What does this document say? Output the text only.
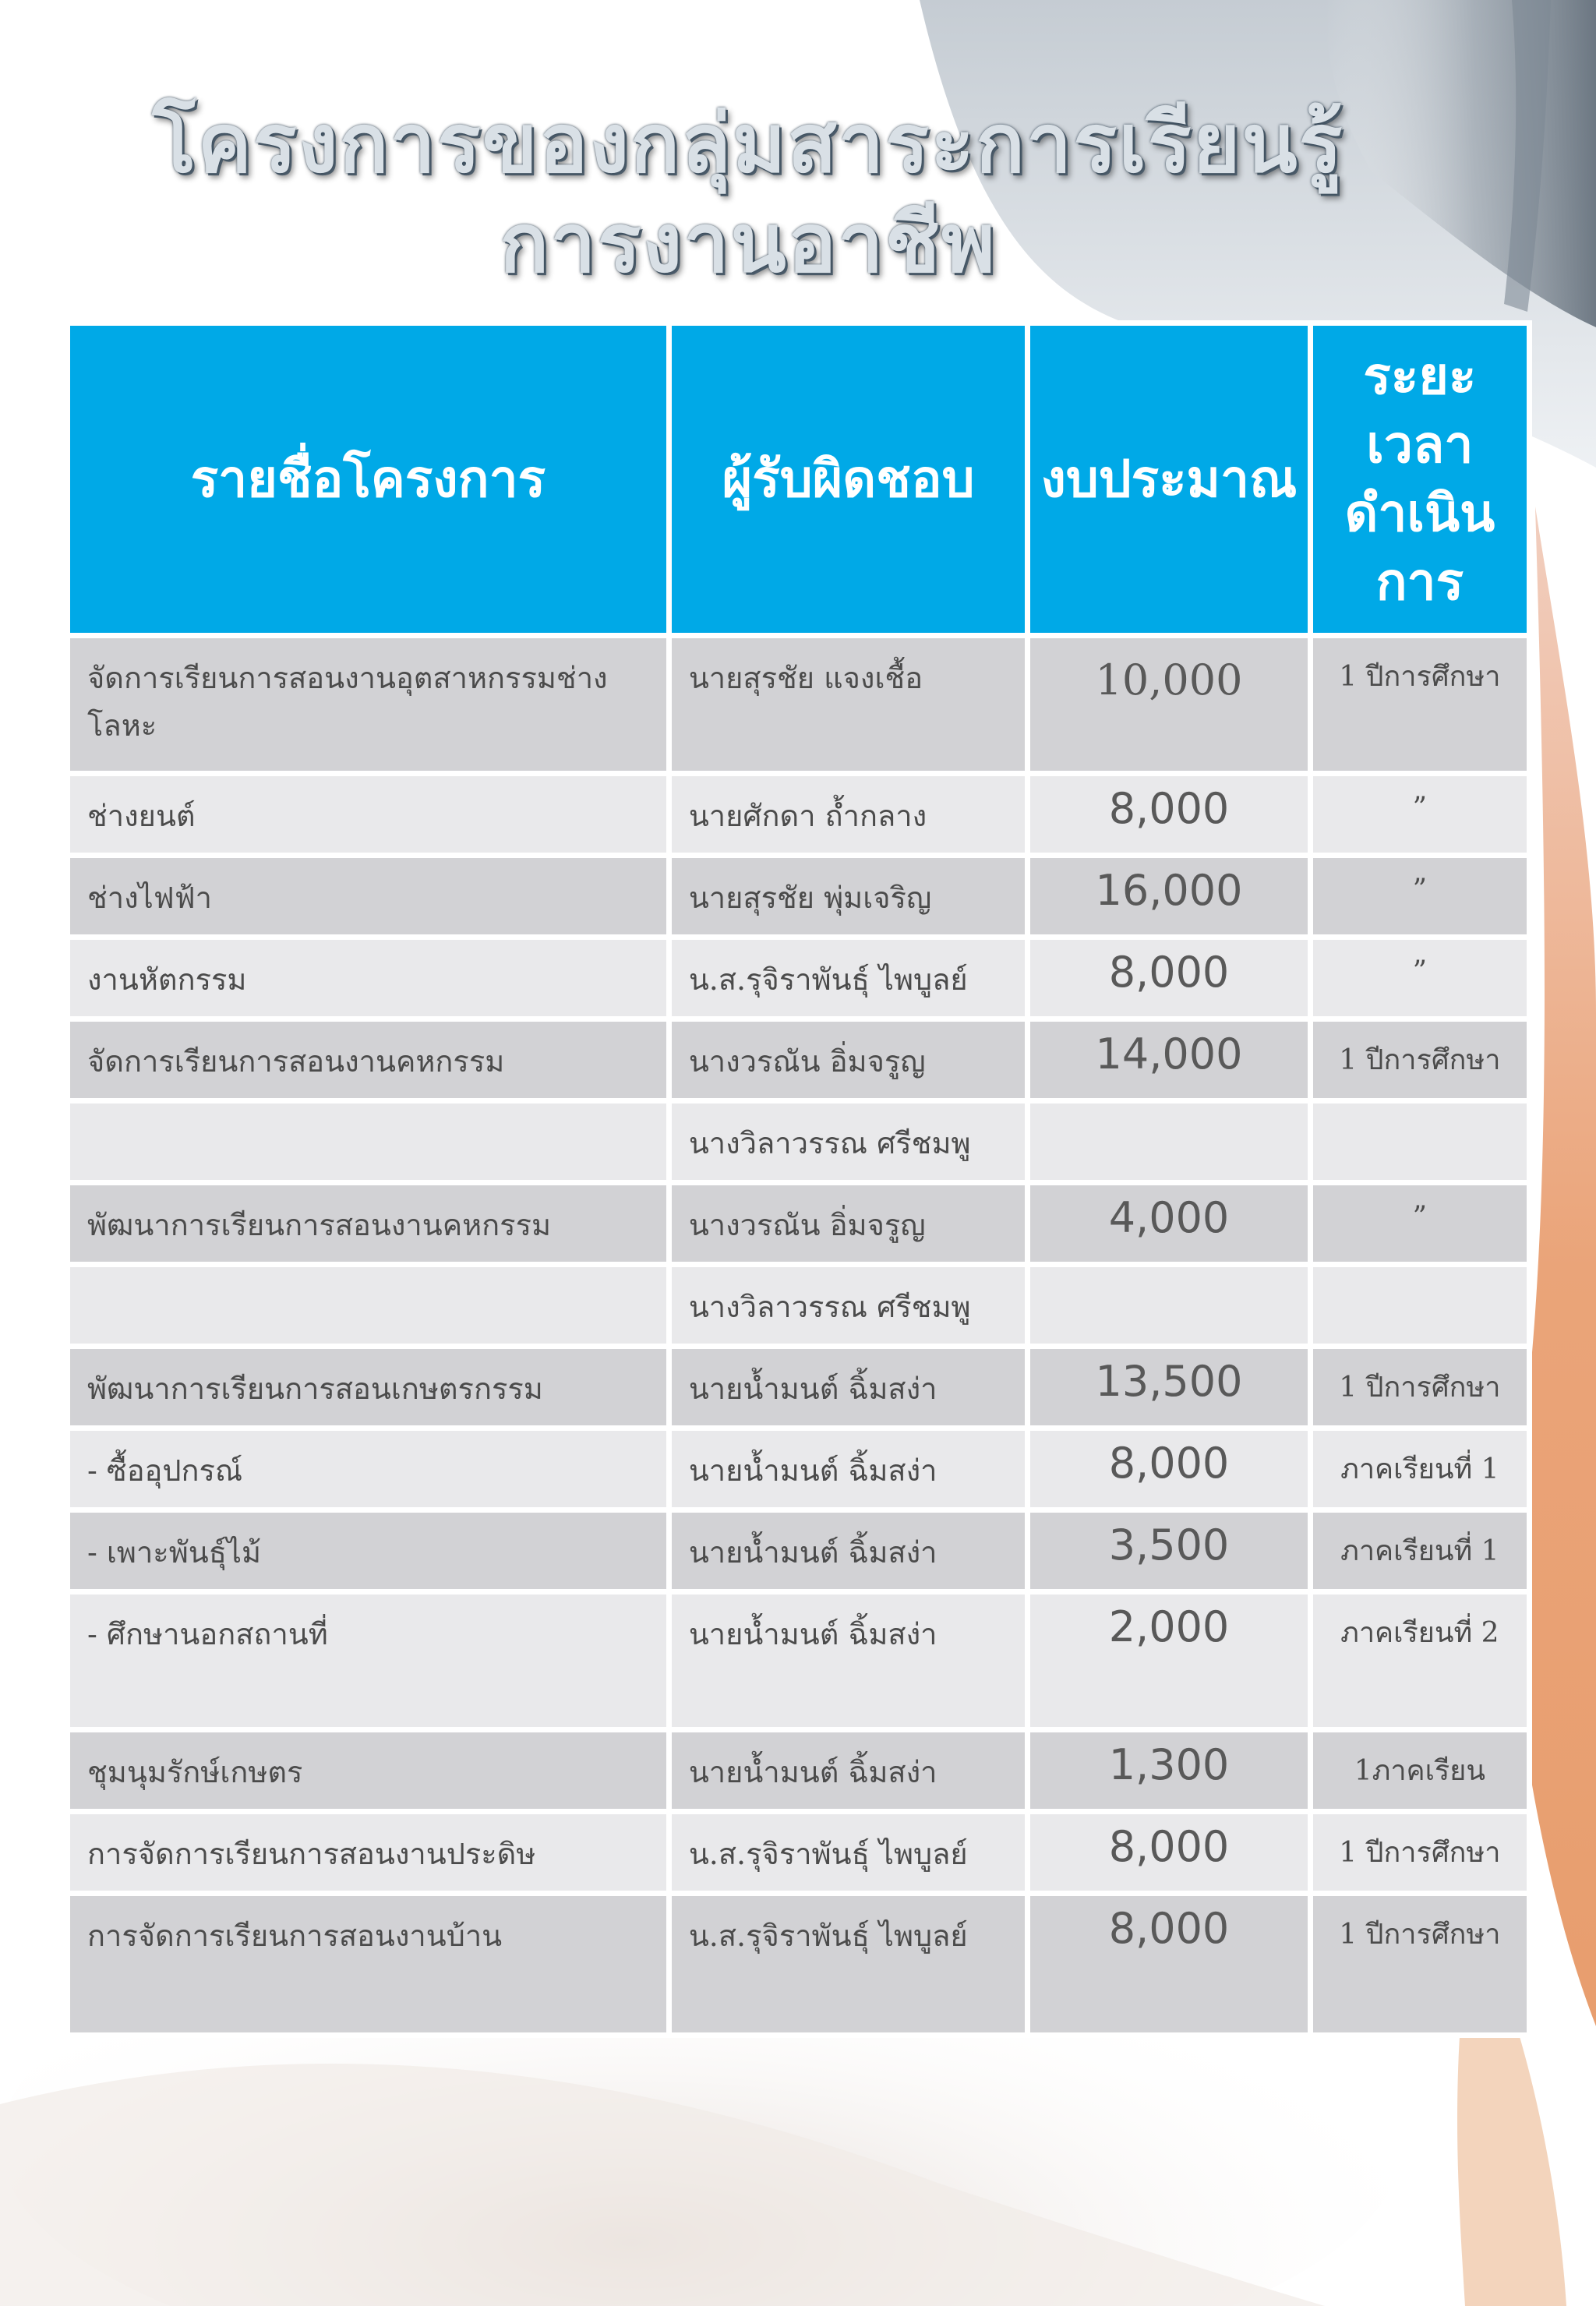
โครงการของกลุ่มสาระการเรียนรู้
การงานอาชีพ
รายชื่อโครงการ	ผู้รับผิดชอบ	งบประมาณ	ระยะเวลาดำเนินการ
จัดการเรียนการสอนงานอุตสาหกรรมช่างโลหะ	นายสุรชัย แจงเชื้อ	10,000	1 ปีการศึกษา
ช่างยนต์	นายศักดา ถ้ำกลาง	8,000	”
ช่างไฟฟ้า	นายสุรชัย พุ่มเจริญ	16,000	”
งานหัตกรรม	น.ส.รุจิราพันธุ์ ไพบูลย์	8,000	”
จัดการเรียนการสอนงานคหกรรม	นางวรณัน อิ่มจรูญ	14,000	1 ปีการศึกษา
	นางวิลาวรรณ ศรีชมพู		
พัฒนาการเรียนการสอนงานคหกรรม	นางวรณัน อิ่มจรูญ	4,000	”
	นางวิลาวรรณ ศรีชมพู		
พัฒนาการเรียนการสอนเกษตรกรรม	นายน้ำมนต์ ฉิ้มสง่า	13,500	1 ปีการศึกษา
- ซื้ออุปกรณ์	นายน้ำมนต์ ฉิ้มสง่า	8,000	ภาคเรียนที่ 1
- เพาะพันธุ์ไม้	นายน้ำมนต์ ฉิ้มสง่า	3,500	ภาคเรียนที่ 1
- ศึกษานอกสถานที่	นายน้ำมนต์ ฉิ้มสง่า	2,000	ภาคเรียนที่ 2
ชุมนุมรักษ์เกษตร	นายน้ำมนต์ ฉิ้มสง่า	1,300	1ภาคเรียน
การจัดการเรียนการสอนงานประดิษ	น.ส.รุจิราพันธุ์ ไพบูลย์	8,000	1 ปีการศึกษา
การจัดการเรียนการสอนงานบ้าน	น.ส.รุจิราพันธุ์ ไพบูลย์	8,000	1 ปีการศึกษา
